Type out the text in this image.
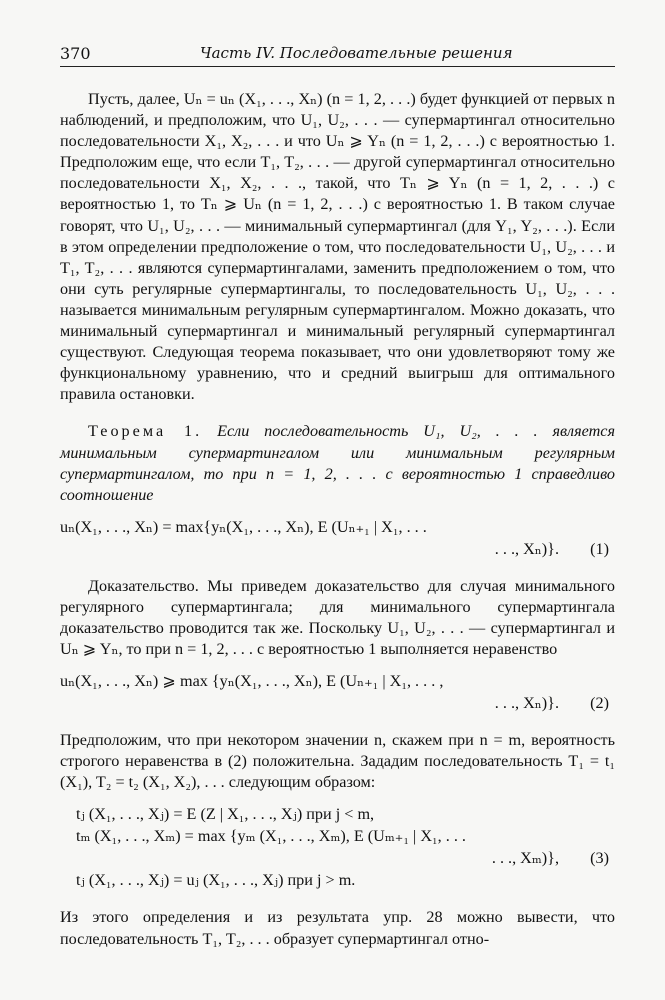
370	Часть IV. Последовательные решения

Пусть, далее, Uₙ = uₙ (X₁, . . ., Xₙ) (n = 1, 2, . . .) будет функцией от первых n наблюдений, и предположим, что U₁, U₂, . . . — супермартингал относительно последовательности X₁, X₂, . . . и что Uₙ ⩾ Yₙ (n = 1, 2, . . .) с вероятностью 1. Предположим еще, что если T₁, T₂, . . . — другой супермартингал относительно последовательности X₁, X₂, . . ., такой, что Tₙ ⩾ Yₙ (n = 1, 2, . . .) с вероятностью 1, то Tₙ ⩾ Uₙ (n = 1, 2, . . .) с вероятностью 1. В таком случае говорят, что U₁, U₂, . . . — минимальный супермартингал (для Y₁, Y₂, . . .). Если в этом определении предположение о том, что последовательности U₁, U₂, . . . и T₁, T₂, . . . являются супермартингалами, заменить предположением о том, что они суть регулярные супермартингалы, то последовательность U₁, U₂, . . . называется минимальным регулярным супермартингалом. Можно доказать, что минимальный супермартингал и минимальный регулярный супермартингал существуют. Следующая теорема показывает, что они удовлетворяют тому же функциональному уравнению, что и средний выигрыш для оптимального правила остановки.

Теорема 1. Если последовательность U₁, U₂, . . . является минимальным супермартингалом или минимальным регулярным супермартингалом, то при n = 1, 2, . . . с вероятностью 1 справедливо соотношение

uₙ(X₁, . . ., Xₙ) = max{yₙ(X₁, . . ., Xₙ), E (Uₙ₊₁ | X₁, . . .
. . ., Xₙ)}.	(1)

Доказательство. Мы приведем доказательство для случая минимального регулярного супермартингала; для минимального супермартингала доказательство проводится так же. Поскольку U₁, U₂, . . . — супермартингал и Uₙ ⩾ Yₙ, то при n = 1, 2, . . . с вероятностью 1 выполняется неравенство

uₙ(X₁, . . ., Xₙ) ⩾ max {yₙ(X₁, . . ., Xₙ), E (Uₙ₊₁ | X₁, . . . ,
. . ., Xₙ)}.	(2)

Предположим, что при некотором значении n, скажем при n = m, вероятность строгого неравенства в (2) положительна. Зададим последовательность T₁ = t₁ (X₁), T₂ = t₂ (X₁, X₂), . . . следующим образом:

tⱼ (X₁, . . ., Xⱼ) = E (Z | X₁, . . ., Xⱼ) при j < m,
tₘ (X₁, . . ., Xₘ) = max {yₘ (X₁, . . ., Xₘ), E (Uₘ₊₁ | X₁, . . .
. . ., Xₘ)},	(3)
tⱼ (X₁, . . ., Xⱼ) = uⱼ (X₁, . . ., Xⱼ) при j > m.

Из этого определения и из результата упр. 28 можно вывести, что последовательность T₁, T₂, . . . образует супермартингал отно-
